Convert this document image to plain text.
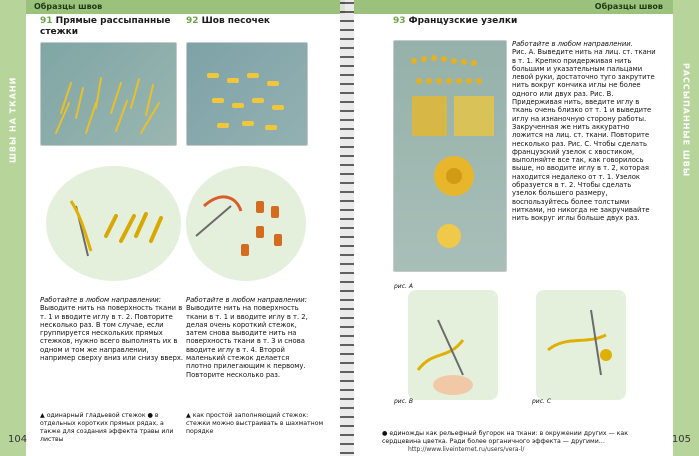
ШВЫ НА ТКАНИ
Образцы швов
91 Прямые рассыпанные
стежки
92 Шов песочек
Работайте в любом направлении:
Выводите нить на поверхность ткани в т. 1 и вводите иглу в т. 2. Повторите несколько раз. В том случае, если группируется нескольких прямых стежков, нужно всего выполнять их в одном и том же направлении, например сверху вниз или снизу вверх.
Работайте в любом направлении:
Выводите нить на поверхность ткани в т. 1 и вводите иглу в т. 2, делая очень короткий стежок, затем снова выводите нить на поверхность ткани в т. 3 и снова вводите иглу в т. 4. Второй маленький стежок делается плотно прилегающим к первому. Повторите несколько раз.
▲ одинарный гладьевой стежок ● в отдельных коротких прямых рядах, а также для создания эффекта травы или листвы
▲ как простой заполняющий стежок: стежки можно выстраивать в шахматном порядке
104
Образцы швов
РАССЫПАННЫЕ ШВЫ
93 Французские узелки
Работайте в любом направлении.
Рис. A. Выведите нить на лиц. ст. ткани в т. 1. Крепко придерживая нить большим и указательным пальцами левой руки, достаточно туго закрутите нить вокруг кончика иглы не более одного или двух раз. Рис. B. Придерживая нить, введите иглу в ткань очень близко от т. 1 и выведите иглу на изнаночную сторону работы. Закрученная же нить аккуратно ложится на лиц. ст. ткани. Повторите несколько раз. Рис. C. Чтобы сделать французский узелок с хвостиком, выполняйте все так, как говорилось выше, но вводите иглу в т. 2, которая находится недалеко от т. 1. Узелок образуется в т. 2. Чтобы сделать узелок большего размеру, воспользуйтесь более толстыми нитками, но никогда не закручивайте нить вокруг иглы больше двух раз.
рис. А
рис. B	рис. C
● единожды как рельефный бугорок на ткани: в окружении других — как сердцевина цветка. Ради более органичного эффекта — другими…
http://www.liveinternet.ru/users/vera-l/
105
